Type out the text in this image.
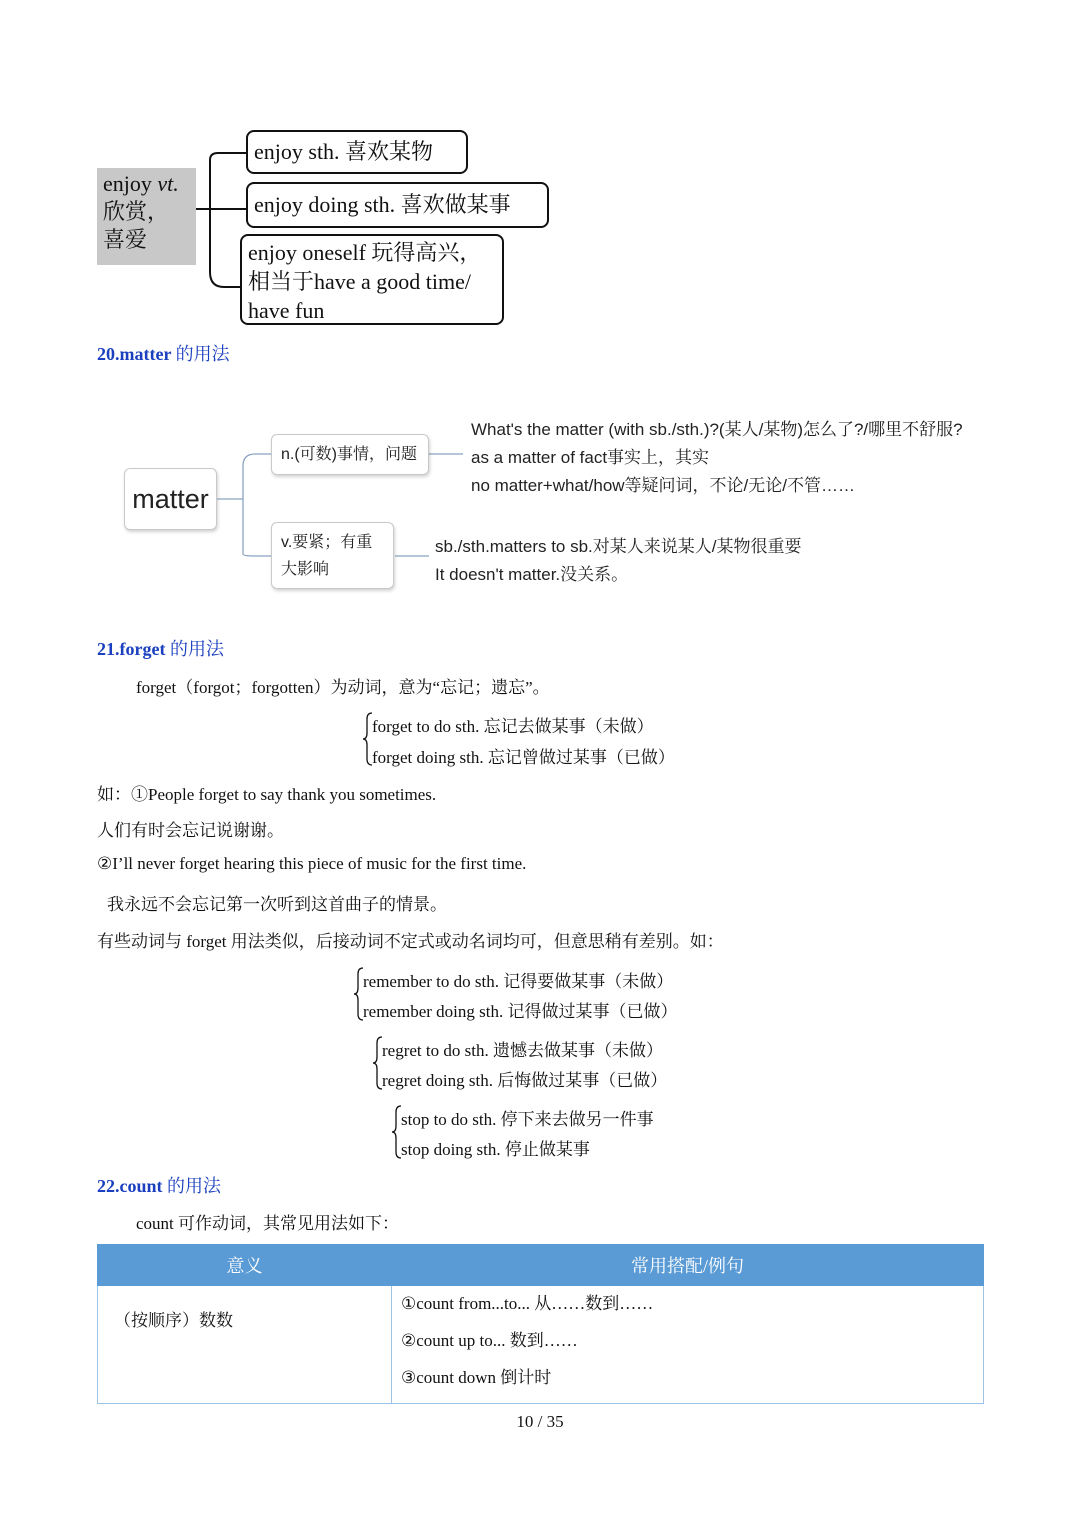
enjoy vt.
欣赏，
喜爱
enjoy sth. 喜欢某物
enjoy doing sth. 喜欢做某事
enjoy oneself 玩得高兴，
相当于have a good time/
have fun
20.matter 的用法
matter
n.(可数)事情，问题
v.要紧；有重
大影响
What's the matter (with sb./sth.)?(某人/某物)怎么了?/哪里不舒服?
as a matter of fact事实上，其实
no matter+what/how等疑问词，不论/无论/不管……
sb./sth.matters to sb.对某人来说某人/某物很重要
It doesn't matter.没关系。
21.forget 的用法
forget（forgot；forgotten）为动词，意为“忘记；遗忘”。
forget to do sth. 忘记去做某事（未做）
forget doing sth. 忘记曾做过某事（已做）
如：①People forget to say thank you sometimes.
人们有时会忘记说谢谢。
②I’ll never forget hearing this piece of music for the first time.
我永远不会忘记第一次听到这首曲子的情景。
有些动词与 forget 用法类似，后接动词不定式或动名词均可，但意思稍有差别。如：
remember to do sth. 记得要做某事（未做）
remember doing sth. 记得做过某事（已做）
regret to do sth. 遗憾去做某事（未做）
regret doing sth. 后悔做过某事（已做）
stop to do sth. 停下来去做另一件事
stop doing sth. 停止做某事
22.count 的用法
count 可作动词，其常见用法如下：
意义	常用搭配/例句
（按顺序）数数	①count from...to... 从……数到……
②count up to... 数到……
③count down 倒计时
10 / 35
